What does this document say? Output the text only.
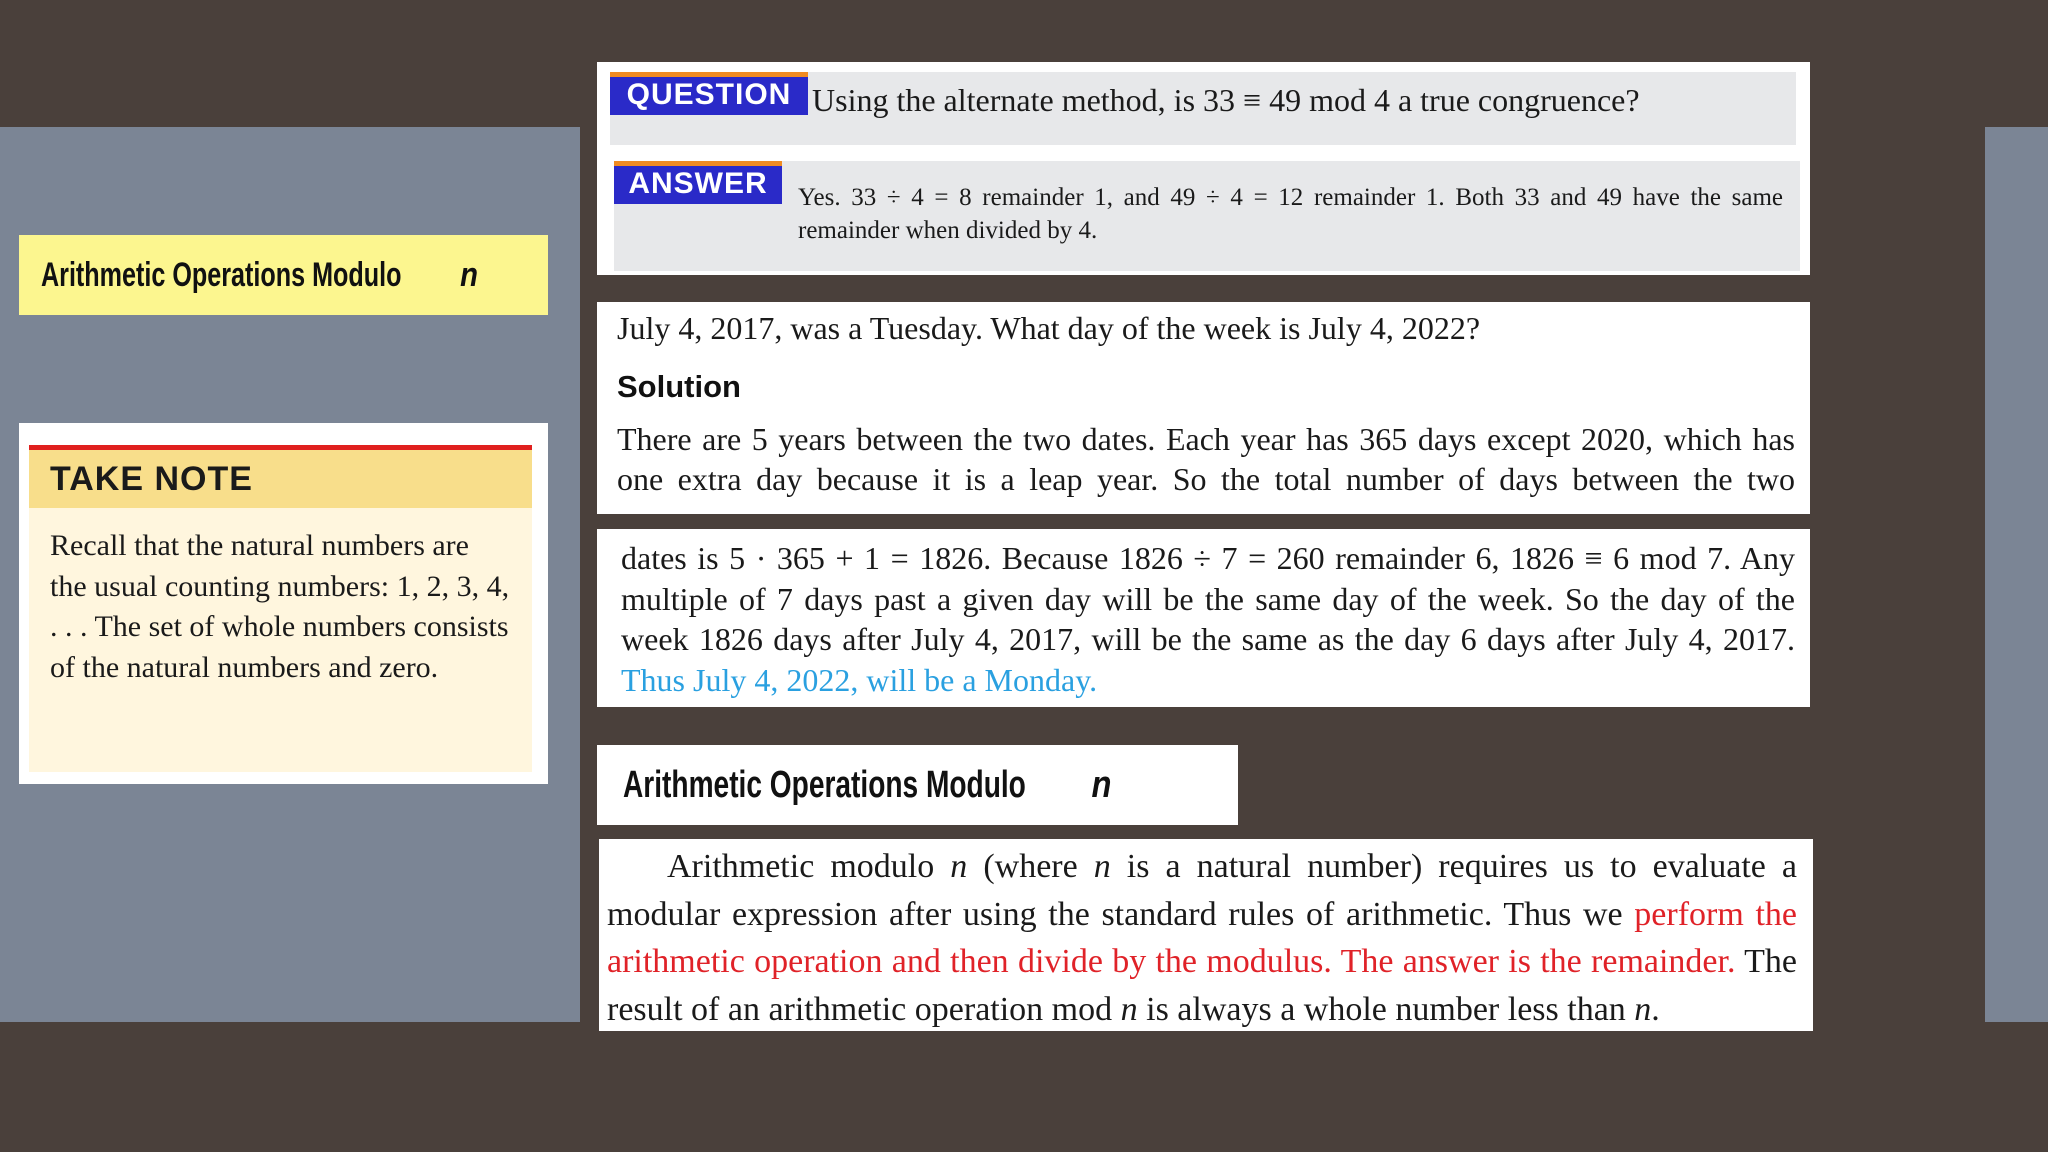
Arithmetic Operations Modulon
TAKE NOTE
Recall that the natural numbers are the usual counting numbers: 1, 2, 3, 4, . . . The set of whole numbers consists of the natural numbers and zero.
QUESTION Using the alternate method, is 33 ≡ 49 mod 4 a true congruence?
ANSWER	Yes. 33 ÷ 4 = 8 remainder 1, and 49 ÷ 4 = 12 remainder 1. Both 33 and 49 have the same remainder when divided by 4.
July 4, 2017, was a Tuesday. What day of the week is July 4, 2022?
Solution
There are 5 years between the two dates. Each year has 365 days except 2020, which has one extra day because it is a leap year. So the total number of days between the two
dates is 5 · 365 + 1 = 1826. Because 1826 ÷ 7 = 260 remainder 6, 1826 ≡ 6 mod 7. Any multiple of 7 days past a given day will be the same day of the week. So the day of the week 1826 days after July 4, 2017, will be the same as the day 6 days after July 4, 2017. Thus July 4, 2022, will be a Monday.
Arithmetic Operations Modulon
Arithmetic modulo n (where n is a natural number) requires us to evaluate a modular expression after using the standard rules of arithmetic. Thus we perform the arithmetic operation and then divide by the modulus. The answer is the remainder. The result of an arithmetic operation mod n is always a whole number less than n.
